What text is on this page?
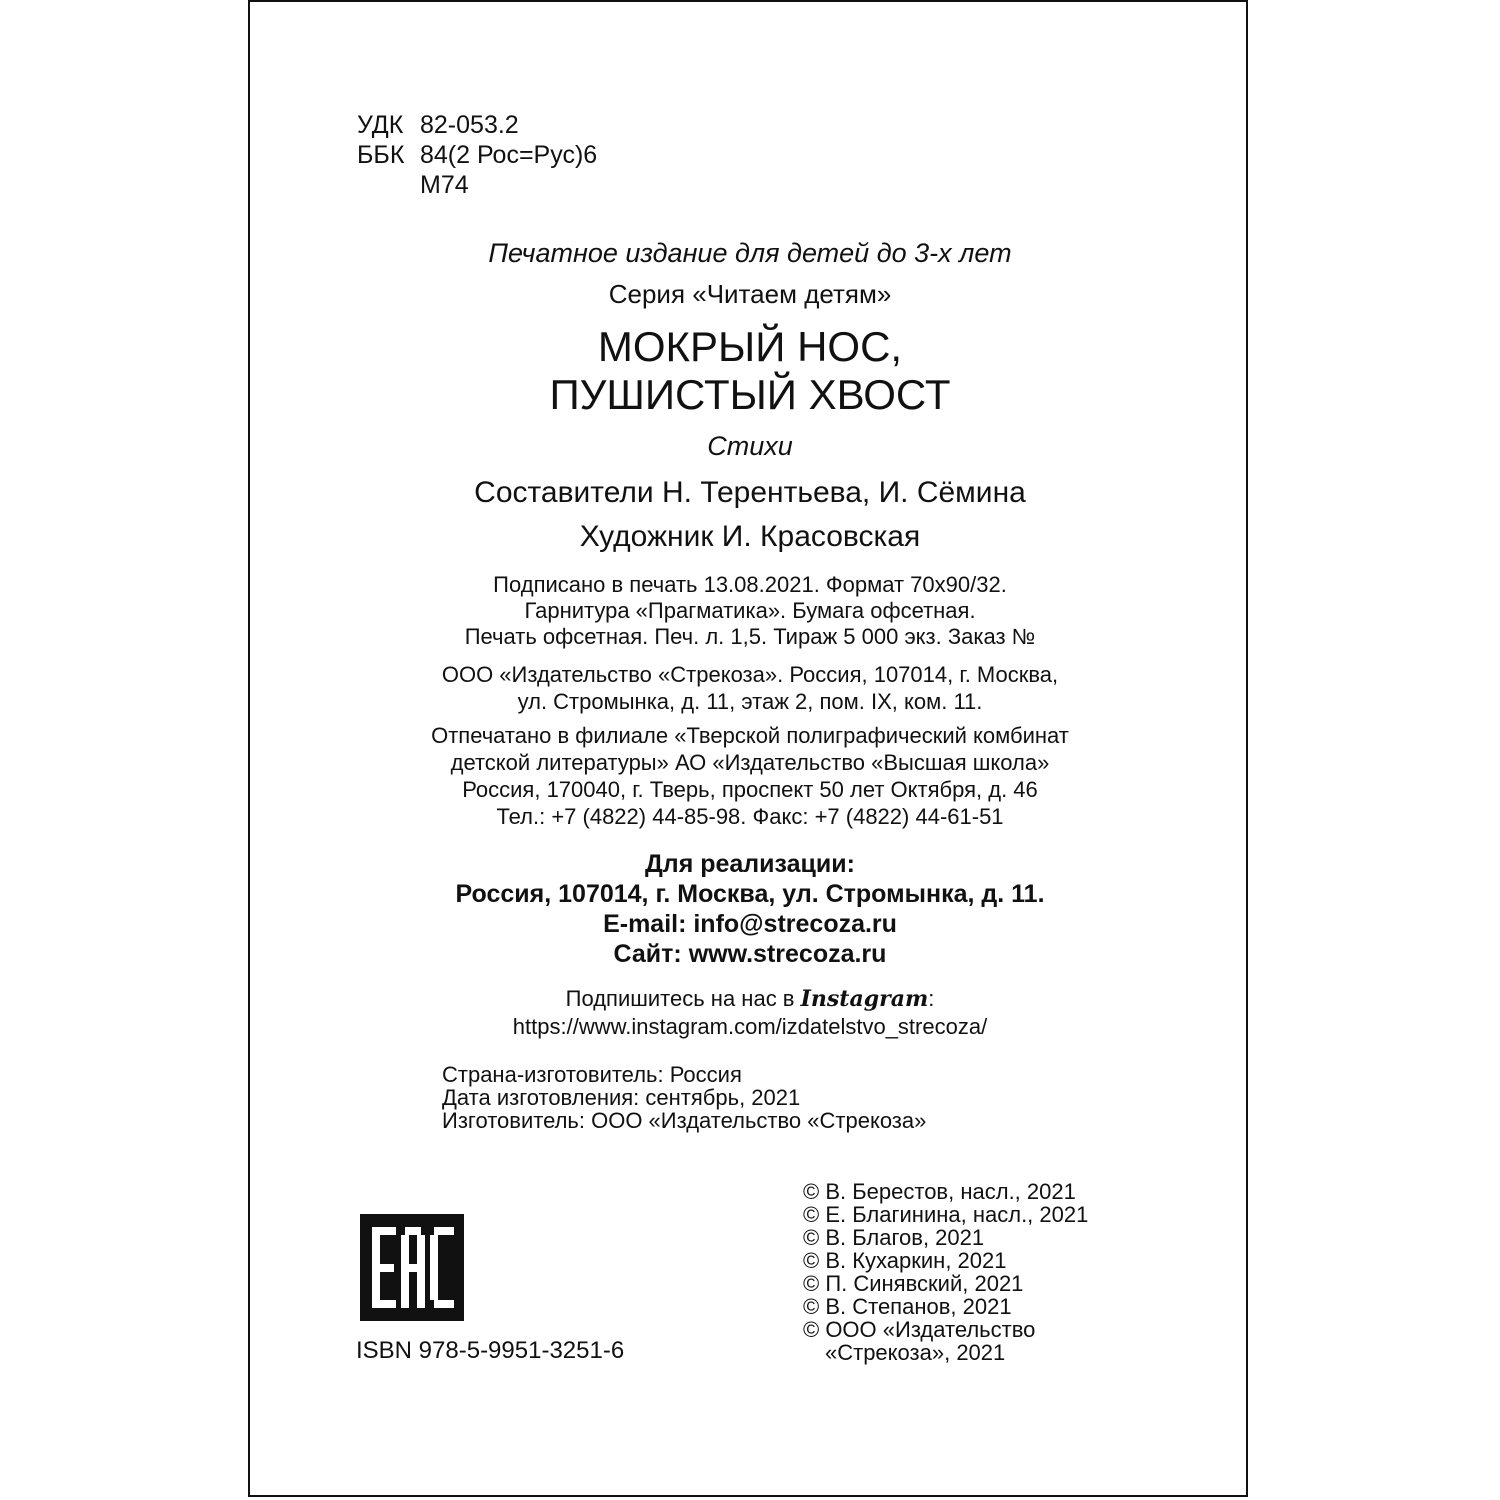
УДК 82-053.2
ББК 84(2 Рос=Рус)6
М74
Печатное издание для детей до 3-х лет
Серия «Читаем детям»
МОКРЫЙ НОС,
ПУШИСТЫЙ ХВОСТ
Стихи
Составители Н. Терентьева, И. Сёмина
Художник И. Красовская
Подписано в печать 13.08.2021. Формат 70x90/32.
Гарнитура «Прагматика». Бумага офсетная.
Печать офсетная. Печ. л. 1,5. Тираж 5 000 экз. Заказ №
ООО «Издательство «Стрекоза». Россия, 107014, г. Москва,
ул. Стромынка, д. 11, этаж 2, пом. IX, ком. 11.
Отпечатано в филиале «Тверской полиграфический комбинат
детской литературы» АО «Издательство «Высшая школа»
Россия, 170040, г. Тверь, проспект 50 лет Октября, д. 46
Тел.: +7 (4822) 44-85-98. Факс: +7 (4822) 44-61-51
Для реализации:
Россия, 107014, г. Москва, ул. Стромынка, д. 11.
E-mail: info@strecoza.ru
Сайт: www.strecoza.ru
Подпишитесь на нас в Instagram:
https://www.instagram.com/izdatelstvo_strecoza/
Страна-изготовитель: Россия
Дата изготовления: сентябрь, 2021
Изготовитель: ООО «Издательство «Стрекоза»
© В. Берестов, насл., 2021
© Е. Благинина, насл., 2021
© В. Благов, 2021
© В. Кухаркин, 2021
© П. Синявский, 2021
© В. Степанов, 2021
© ООО «Издательство
«Стрекоза», 2021
ISBN 978-5-9951-3251-6
